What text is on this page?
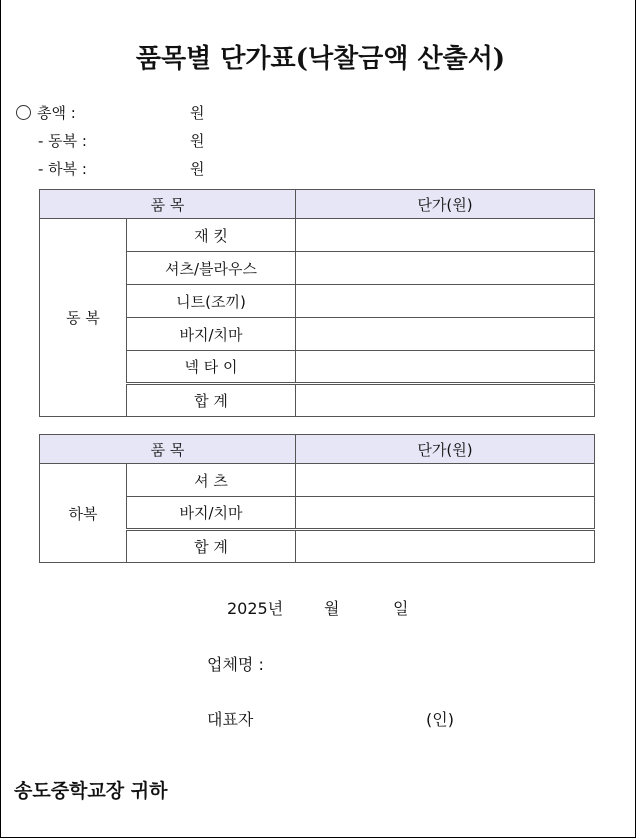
품목별 단가표(낙찰금액 산출서)
총액 :	원
- 동복 :	원
- 하복 :	원
품 목		단가(원)
동 복	재 킷	
	셔츠/블라우스	
	니트(조끼)	
	바지/치마	
	넥 타 이	
	합 계	
품 목		단가(원)
하복	셔 츠	
	바지/치마	
	합 계	
2025년	월	일
업체명 :
대표자	(인)
송도중학교장 귀하
